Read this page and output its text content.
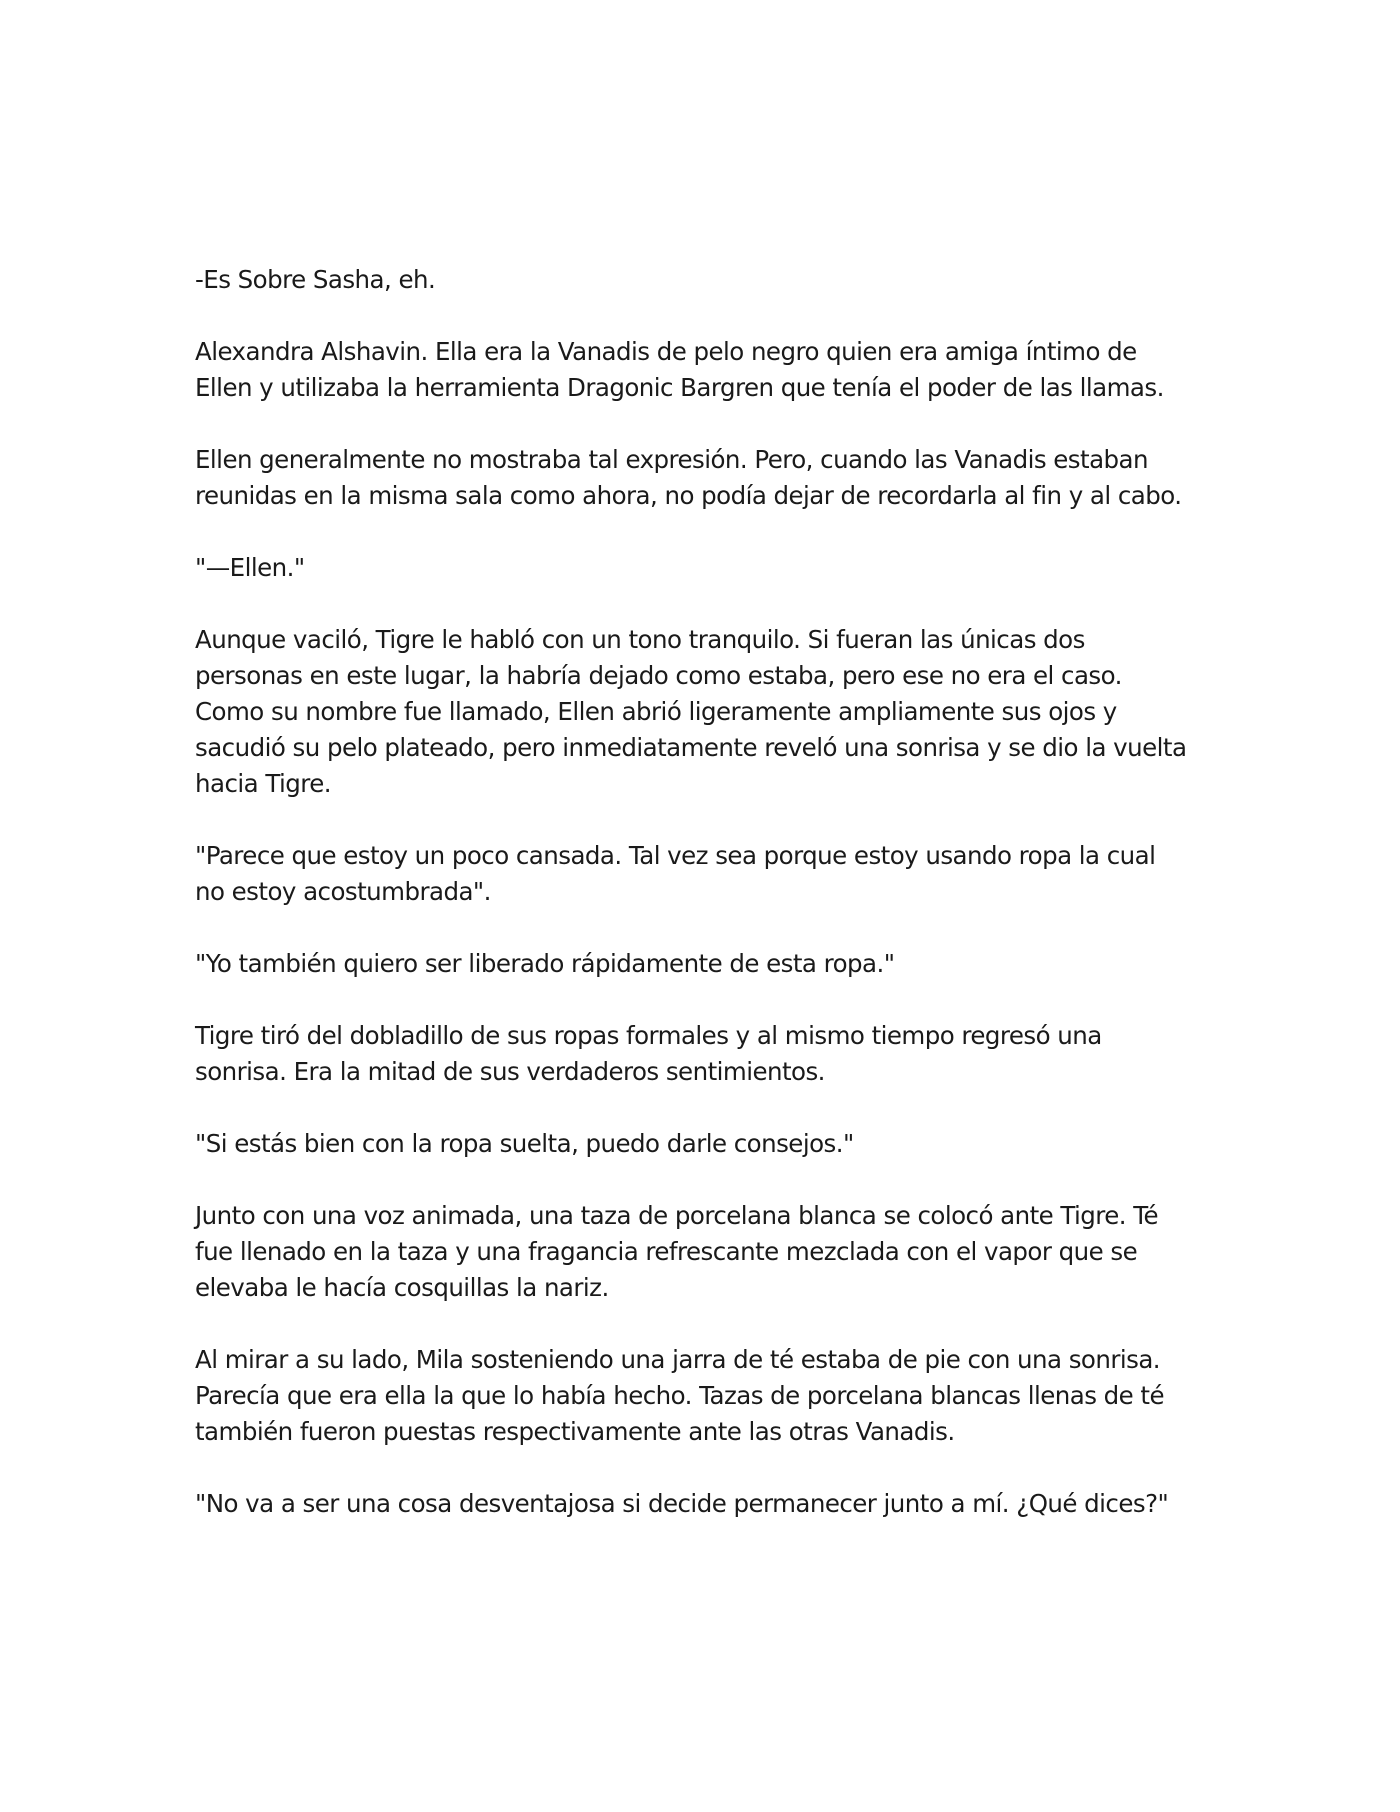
-Es Sobre Sasha, eh.

Alexandra Alshavin. Ella era la Vanadis de pelo negro quien era amiga íntimo de
Ellen y utilizaba la herramienta Dragonic Bargren que tenía el poder de las llamas.

Ellen generalmente no mostraba tal expresión. Pero, cuando las Vanadis estaban
reunidas en la misma sala como ahora, no podía dejar de recordarla al fin y al cabo.

"—Ellen."

Aunque vaciló, Tigre le habló con un tono tranquilo. Si fueran las únicas dos
personas en este lugar, la habría dejado como estaba, pero ese no era el caso.
Como su nombre fue llamado, Ellen abrió ligeramente ampliamente sus ojos y
sacudió su pelo plateado, pero inmediatamente reveló una sonrisa y se dio la vuelta
hacia Tigre.

"Parece que estoy un poco cansada. Tal vez sea porque estoy usando ropa la cual
no estoy acostumbrada".

"Yo también quiero ser liberado rápidamente de esta ropa."

Tigre tiró del dobladillo de sus ropas formales y al mismo tiempo regresó una
sonrisa. Era la mitad de sus verdaderos sentimientos.

"Si estás bien con la ropa suelta, puedo darle consejos."

Junto con una voz animada, una taza de porcelana blanca se colocó ante Tigre. Té
fue llenado en la taza y una fragancia refrescante mezclada con el vapor que se
elevaba le hacía cosquillas la nariz.

Al mirar a su lado, Mila sosteniendo una jarra de té estaba de pie con una sonrisa.
Parecía que era ella la que lo había hecho. Tazas de porcelana blancas llenas de té
también fueron puestas respectivamente ante las otras Vanadis.

"No va a ser una cosa desventajosa si decide permanecer junto a mí. ¿Qué dices?"
